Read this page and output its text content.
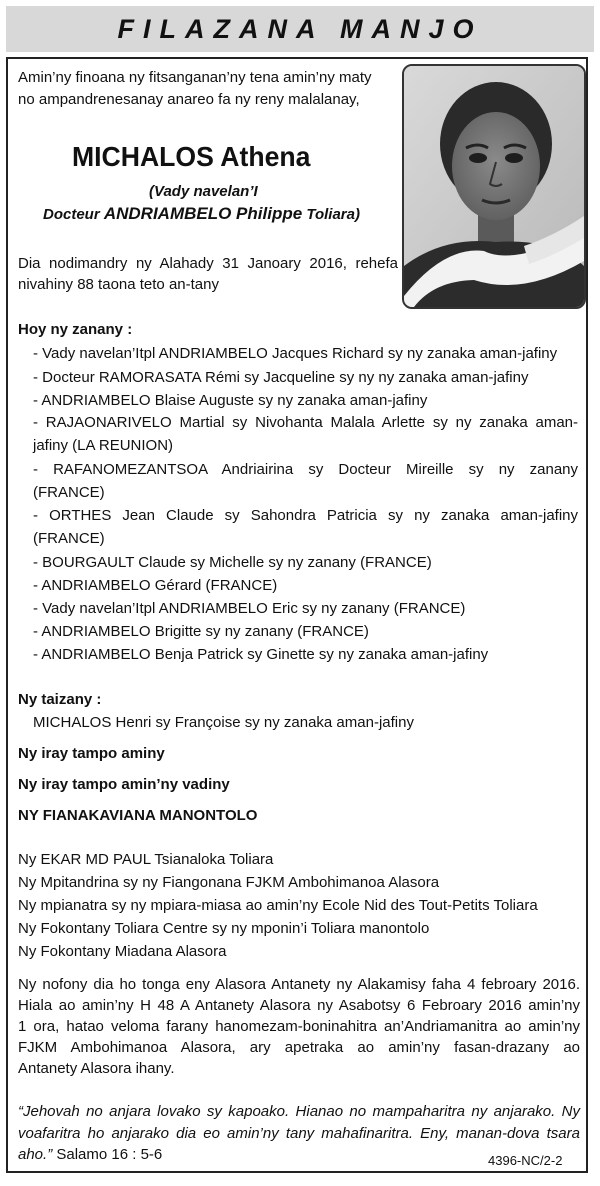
FILAZANA MANJO
Amin’ny finoana ny fitsanganan’ny tena amin’ny maty
no ampandrenesanay anareo fa ny reny malalanay,
MICHALOS Athena
(Vady navelan’I
Docteur ANDRIAMBELO Philippe Toliara)
Dia nodimandry ny Alahady 31 Janoary 2016, rehefa
nivahiny 88 taona teto an-tany
Hoy ny zanany :
- Vady navelan’Itpl ANDRIAMBELO Jacques Richard sy ny zanaka aman-jafiny
- Docteur RAMORASATA Rémi sy Jacqueline sy ny ny zanaka aman-jafiny
- ANDRIAMBELO Blaise Auguste sy ny zanaka aman-jafiny
- RAJAONARIVELO Martial sy Nivohanta Malala Arlette sy ny zanaka aman-
jafiny (LA REUNION)
- RAFANOMEZANTSOA Andriairina sy Docteur Mireille sy ny zanany
(FRANCE)
- ORTHES Jean Claude sy Sahondra Patricia sy ny zanaka aman-jafiny
(FRANCE)
- BOURGAULT Claude sy Michelle sy ny zanany (FRANCE)
- ANDRIAMBELO Gérard (FRANCE)
- Vady navelan’Itpl ANDRIAMBELO Eric sy ny zanany (FRANCE)
- ANDRIAMBELO Brigitte sy ny zanany (FRANCE)
- ANDRIAMBELO Benja Patrick sy Ginette sy ny zanaka aman-jafiny
Ny taizany :
MICHALOS Henri sy Françoise sy ny zanaka aman-jafiny
Ny iray tampo aminy
Ny iray tampo amin’ny vadiny
NY FIANAKAVIANA MANONTOLO
Ny EKAR MD PAUL Tsianaloka Toliara
Ny Mpitandrina sy ny Fiangonana FJKM Ambohimanoa Alasora
Ny mpianatra sy ny mpiara-miasa ao amin’ny Ecole Nid des Tout-Petits Toliara
Ny Fokontany Toliara Centre sy ny mponin’i Toliara manontolo
Ny Fokontany Miadana Alasora
Ny nofony dia ho tonga eny Alasora Antanety ny Alakamisy faha 4 febroary 2016.
Hiala ao amin’ny H 48 A Antanety Alasora ny Asabotsy 6 Febroary 2016 amin’ny
1 ora, hatao veloma farany hanomezam-boninahitra an’Andriamanitra ao amin’ny
FJKM Ambohimanoa Alasora, ary apetraka ao amin’ny fasan-drazany ao
Antanety Alasora ihany.
“Jehovah no anjara lovako sy kapoako. Hianao no mampaharitra ny anjarako. Ny
voafaritra ho anjarako dia eo amin’ny tany mahafinaritra. Eny, manan-dova tsara
aho.” Salamo 16 : 5-6	4396-NC/2-2
